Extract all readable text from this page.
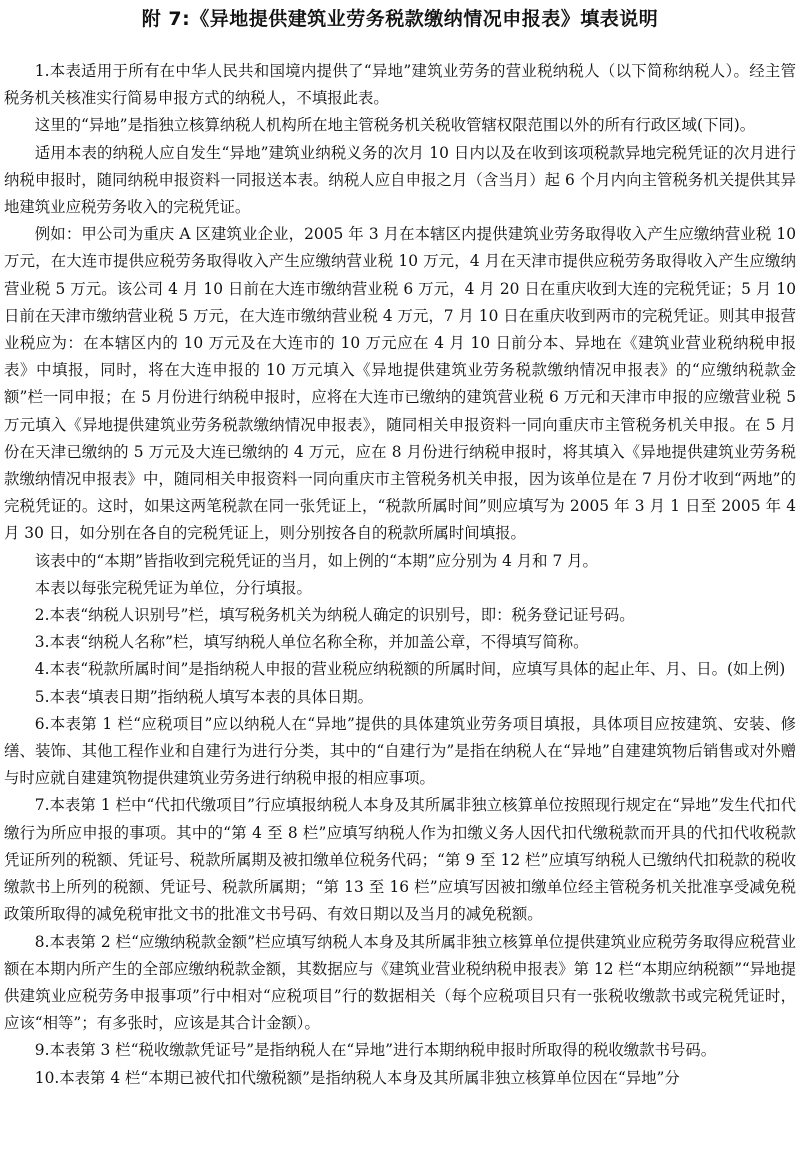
附 7:《异地提供建筑业劳务税款缴纳情况申报表》填表说明

1.本表适用于所有在中华人民共和国境内提供了“异地”建筑业劳务的营业税纳税人（以下简称纳税人）。经主管税务机关核准实行简易申报方式的纳税人，不填报此表。

这里的“异地”是指独立核算纳税人机构所在地主管税务机关税收管辖权限范围以外的所有行政区域(下同)。

适用本表的纳税人应自发生“异地”建筑业纳税义务的次月 10 日内以及在收到该项税款异地完税凭证的次月进行纳税申报时，随同纳税申报资料一同报送本表。纳税人应自申报之月（含当月）起 6 个月内向主管税务机关提供其异地建筑业应税劳务收入的完税凭证。

例如：甲公司为重庆 A 区建筑业企业，2005 年 3 月在本辖区内提供建筑业劳务取得收入产生应缴纳营业税 10 万元，在大连市提供应税劳务取得收入产生应缴纳营业税 10 万元，4 月在天津市提供应税劳务取得收入产生应缴纳营业税 5 万元。该公司 4 月 10 日前在大连市缴纳营业税 6 万元，4 月 20 日在重庆收到大连的完税凭证；5 月 10 日前在天津市缴纳营业税 5 万元，在大连市缴纳营业税 4 万元，7 月 10 日在重庆收到两市的完税凭证。则其申报营业税应为：在本辖区内的 10 万元及在大连市的 10 万元应在 4 月 10 日前分本、异地在《建筑业营业税纳税申报表》中填报，同时，将在大连申报的 10 万元填入《异地提供建筑业劳务税款缴纳情况申报表》的“应缴纳税款金额”栏一同申报；在 5 月份进行纳税申报时，应将在大连市已缴纳的建筑营业税 6 万元和天津市申报的应缴营业税 5 万元填入《异地提供建筑业劳务税款缴纳情况申报表》，随同相关申报资料一同向重庆市主管税务机关申报。在 5 月份在天津已缴纳的 5 万元及大连已缴纳的 4 万元，应在 8 月份进行纳税申报时，将其填入《异地提供建筑业劳务税款缴纳情况申报表》中，随同相关申报资料一同向重庆市主管税务机关申报，因为该单位是在 7 月份才收到“两地”的完税凭证的。这时，如果这两笔税款在同一张凭证上，“税款所属时间”则应填写为 2005 年 3 月 1 日至 2005 年 4 月 30 日，如分别在各自的完税凭证上，则分别按各自的税款所属时间填报。

该表中的“本期”皆指收到完税凭证的当月，如上例的“本期”应分别为 4 月和 7 月。

本表以每张完税凭证为单位，分行填报。

2.本表“纳税人识别号”栏，填写税务机关为纳税人确定的识别号，即：税务登记证号码。

3.本表“纳税人名称”栏，填写纳税人单位名称全称，并加盖公章，不得填写简称。

4.本表“税款所属时间”是指纳税人申报的营业税应纳税额的所属时间，应填写具体的起止年、月、日。(如上例)

5.本表“填表日期”指纳税人填写本表的具体日期。

6.本表第 1 栏“应税项目”应以纳税人在“异地”提供的具体建筑业劳务项目填报，具体项目应按建筑、安装、修缮、装饰、其他工程作业和自建行为进行分类，其中的“自建行为”是指在纳税人在“异地”自建建筑物后销售或对外赠与时应就自建建筑物提供建筑业劳务进行纳税申报的相应事项。

7.本表第 1 栏中“代扣代缴项目”行应填报纳税人本身及其所属非独立核算单位按照现行规定在“异地”发生代扣代缴行为所应申报的事项。其中的“第 4 至 8 栏”应填写纳税人作为扣缴义务人因代扣代缴税款而开具的代扣代收税款凭证所列的税额、凭证号、税款所属期及被扣缴单位税务代码；“第 9 至 12 栏”应填写纳税人已缴纳代扣税款的税收缴款书上所列的税额、凭证号、税款所属期；“第 13 至 16 栏”应填写因被扣缴单位经主管税务机关批准享受减免税政策所取得的减免税审批文书的批准文书号码、有效日期以及当月的减免税额。

8.本表第 2 栏“应缴纳税款金额”栏应填写纳税人本身及其所属非独立核算单位提供建筑业应税劳务取得应税营业额在本期内所产生的全部应缴纳税款金额，其数据应与《建筑业营业税纳税申报表》第 12 栏“本期应纳税额”“异地提供建筑业应税劳务申报事项”行中相对“应税项目”行的数据相关（每个应税项目只有一张税收缴款书或完税凭证时，应该“相等”；有多张时，应该是其合计金额）。

9.本表第 3 栏“税收缴款凭证号”是指纳税人在“异地”进行本期纳税申报时所取得的税收缴款书号码。

10.本表第 4 栏“本期已被代扣代缴税额”是指纳税人本身及其所属非独立核算单位因在“异地”分
